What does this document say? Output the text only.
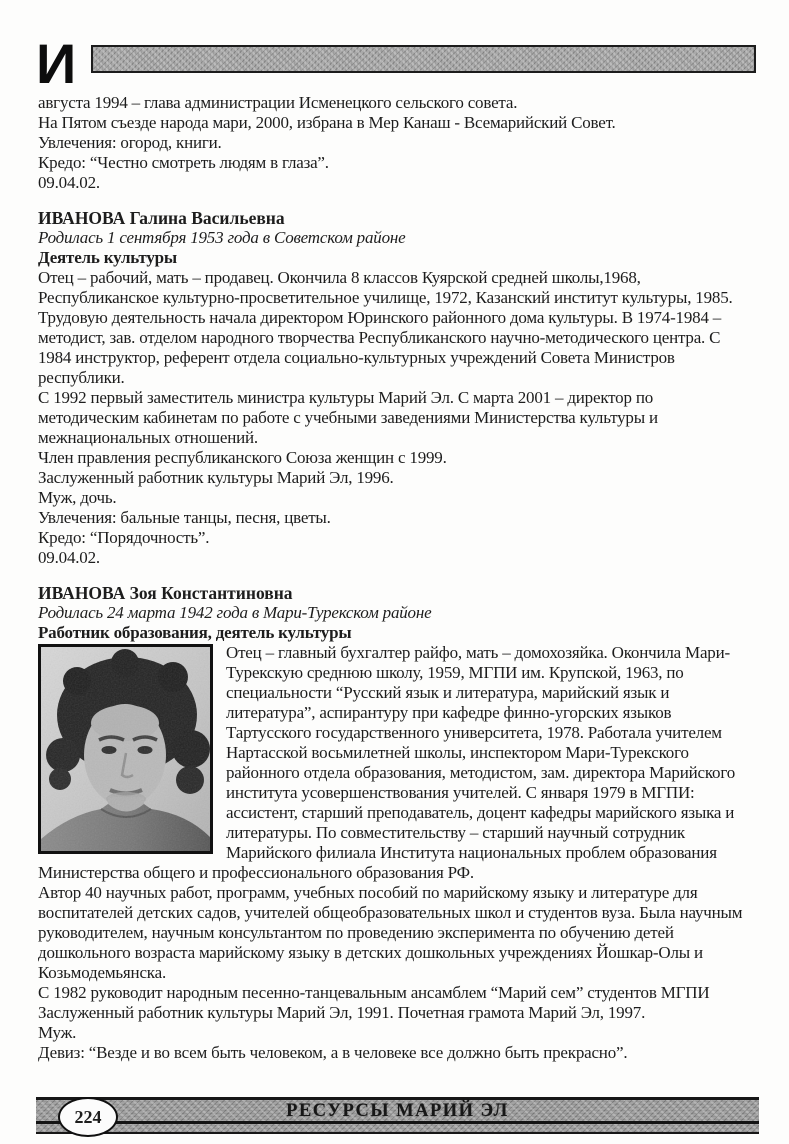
И

августа 1994 – глава администрации Исменецкого сельского совета.

На Пятом съезде народа мари, 2000, избрана в Мер Канаш - Всемарийский Совет.

Увлечения: огород, книги.

Кредо: “Честно смотреть людям в глаза”.

09.04.02.

ИВАНОВА Галина Васильевна

Родилась 1 сентября 1953 года в Советском районе

Деятель культуры

Отец – рабочий, мать – продавец. Окончила 8 классов Куярской средней школы,1968, Республиканское культурно-просветительное училище, 1972, Казанский институт культуры, 1985. Трудовую деятельность начала директором Юринского районного дома культуры. В 1974-1984 – методист, зав. отделом народного творчества Республиканского научно-методического центра. С 1984 инструктор, референт отдела социально-культурных учреждений Совета Министров республики.

С 1992 первый заместитель министра культуры Марий Эл. С марта 2001 – директор по методическим кабинетам по работе с учебными заведениями Министерства культуры и межнациональных отношений.

Член правления республиканского Союза женщин с 1999.

Заслуженный работник культуры Марий Эл, 1996.

Муж, дочь.

Увлечения: бальные танцы, песня, цветы.

Кредо: “Порядочность”.

09.04.02.

ИВАНОВА Зоя Константиновна

Родилась 24 марта 1942 года в Мари-Турекском районе

Работник образования, деятель культуры

Отец – главный бухгалтер райфо, мать – домохозяйка. Окончила Мари-Турекскую среднюю школу, 1959, МГПИ им. Крупской, 1963, по специальности “Русский язык и литература, марийский язык и литература”, аспирантуру при кафедре финно-угорских языков Тартусского государственного университета, 1978. Работала учителем Нартасской восьмилетней школы, инспектором Мари-Турекского районного отдела образования, методистом, зам. директора Марийского института усовершенствования учителей. С января 1979 в МГПИ: ассистент, старший преподаватель, доцент кафедры марийского языка и литературы. По совместительству – старший научный сотрудник Марийского филиала Института национальных проблем образования Министерства общего и профессионального образования РФ.

Автор 40 научных работ, программ, учебных пособий по марийскому языку и литературе для воспитателей детских садов, учителей общеобразовательных школ и студентов вуза. Была научным руководителем, научным консультантом по проведению эксперимента по обучению детей дошкольного возраста марийскому языку в детских дошкольных учреждениях Йошкар-Олы и Козьмодемьянска.

С 1982 руководит народным песенно-танцевальным ансамблем “Марий сем” студентов МГПИ Заслуженный работник культуры Марий Эл, 1991. Почетная грамота Марий Эл, 1997.

Муж.

Девиз: “Везде и во всем быть человеком, а в человеке все должно быть прекрасно”.

224	РЕСУРСЫ МАРИЙ ЭЛ
